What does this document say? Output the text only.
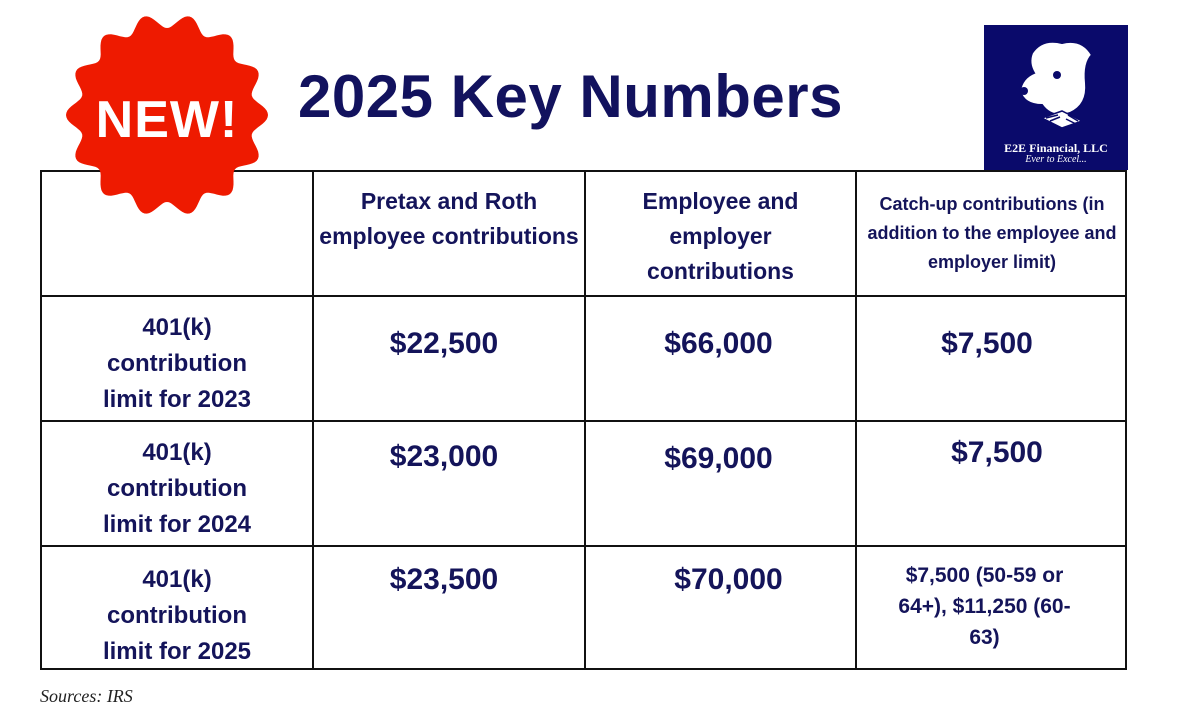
2025 Key Numbers
E2E Financial, LLC
Ever to Excel...
Pretax and Roth employee contributions
Employee and employer contributions
Catch-up contributions (in addition to the employee and employer limit)
401(k) contribution limit for 2023
$22,500	$66,000	$7,500
401(k) contribution limit for 2024
$23,000	$69,000	$7,500
401(k) contribution limit for 2025
$23,500	$70,000	$7,500 (50-59 or 64+), $11,250 (60-63)
NEW!
Sources: IRS
